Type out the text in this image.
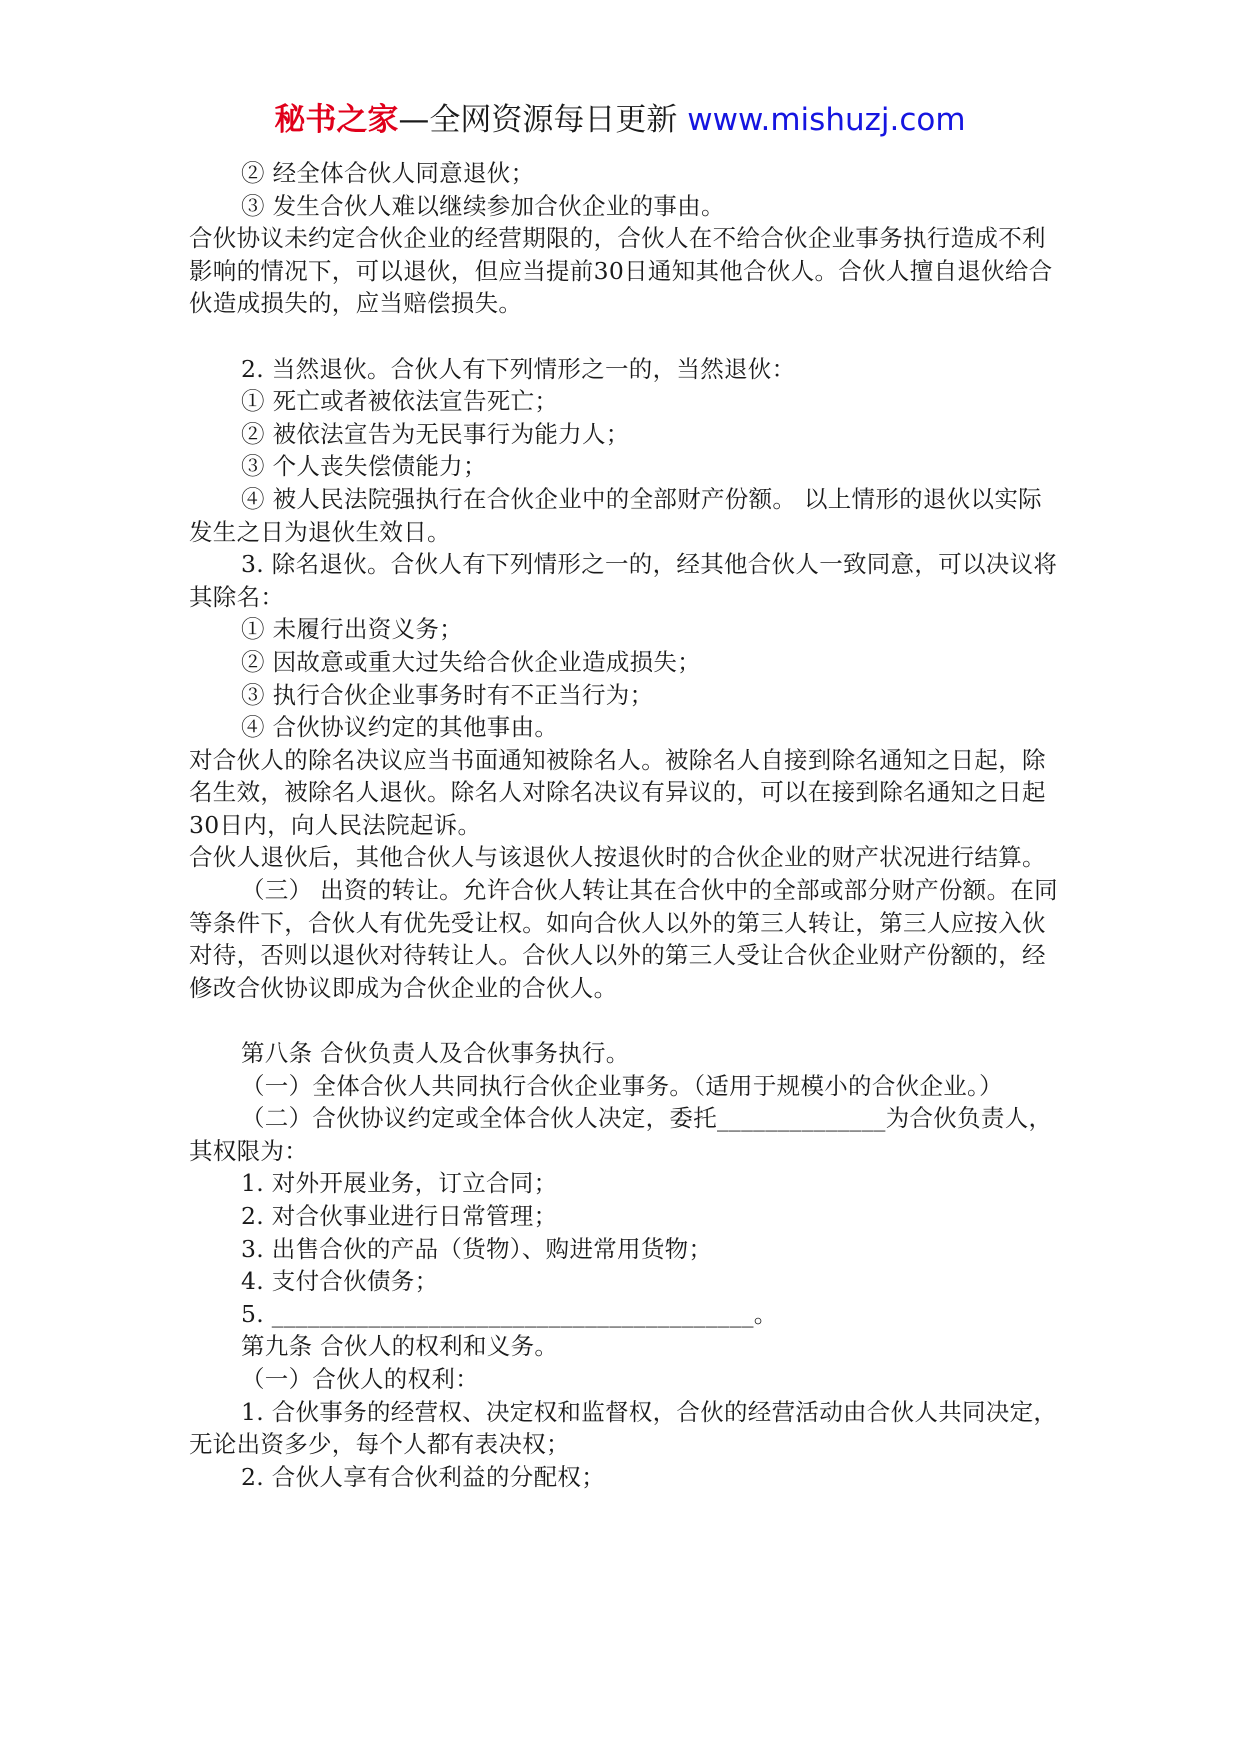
秘书之家—全网资源每日更新 www.mishuzj.com

② 经全体合伙人同意退伙；

③ 发生合伙人难以继续参加合伙企业的事由。

合伙协议未约定合伙企业的经营期限的，合伙人在不给合伙企业事务执行造成不利影响的情况下，可以退伙，但应当提前30日通知其他合伙人。合伙人擅自退伙给合伙造成损失的，应当赔偿损失。

2. 当然退伙。合伙人有下列情形之一的，当然退伙：

① 死亡或者被依法宣告死亡；

② 被依法宣告为无民事行为能力人；

③ 个人丧失偿债能力；

④ 被人民法院强执行在合伙企业中的全部财产份额。 以上情形的退伙以实际发生之日为退伙生效日。

3. 除名退伙。合伙人有下列情形之一的，经其他合伙人一致同意，可以决议将其除名：

① 未履行出资义务；

② 因故意或重大过失给合伙企业造成损失；

③ 执行合伙企业事务时有不正当行为；

④ 合伙协议约定的其他事由。

对合伙人的除名决议应当书面通知被除名人。被除名人自接到除名通知之日起，除名生效，被除名人退伙。除名人对除名决议有异议的，可以在接到除名通知之日起30日内，向人民法院起诉。

合伙人退伙后，其他合伙人与该退伙人按退伙时的合伙企业的财产状况进行结算。

（三） 出资的转让。允许合伙人转让其在合伙中的全部或部分财产份额。在同等条件下，合伙人有优先受让权。如向合伙人以外的第三人转让，第三人应按入伙对待，否则以退伙对待转让人。合伙人以外的第三人受让合伙企业财产份额的，经修改合伙协议即成为合伙企业的合伙人。

第八条 合伙负责人及合伙事务执行。

（一）全体合伙人共同执行合伙企业事务。（适用于规模小的合伙企业。）

（二）合伙协议约定或全体合伙人决定，委托______________为合伙负责人，其权限为：

1. 对外开展业务，订立合同；

2. 对合伙事业进行日常管理；

3. 出售合伙的产品（货物）、购进常用货物；

4. 支付合伙债务；

5. ________________________________________。

第九条 合伙人的权利和义务。

（一）合伙人的权利：

1. 合伙事务的经营权、决定权和监督权，合伙的经营活动由合伙人共同决定，无论出资多少，每个人都有表决权；

2. 合伙人享有合伙利益的分配权；
